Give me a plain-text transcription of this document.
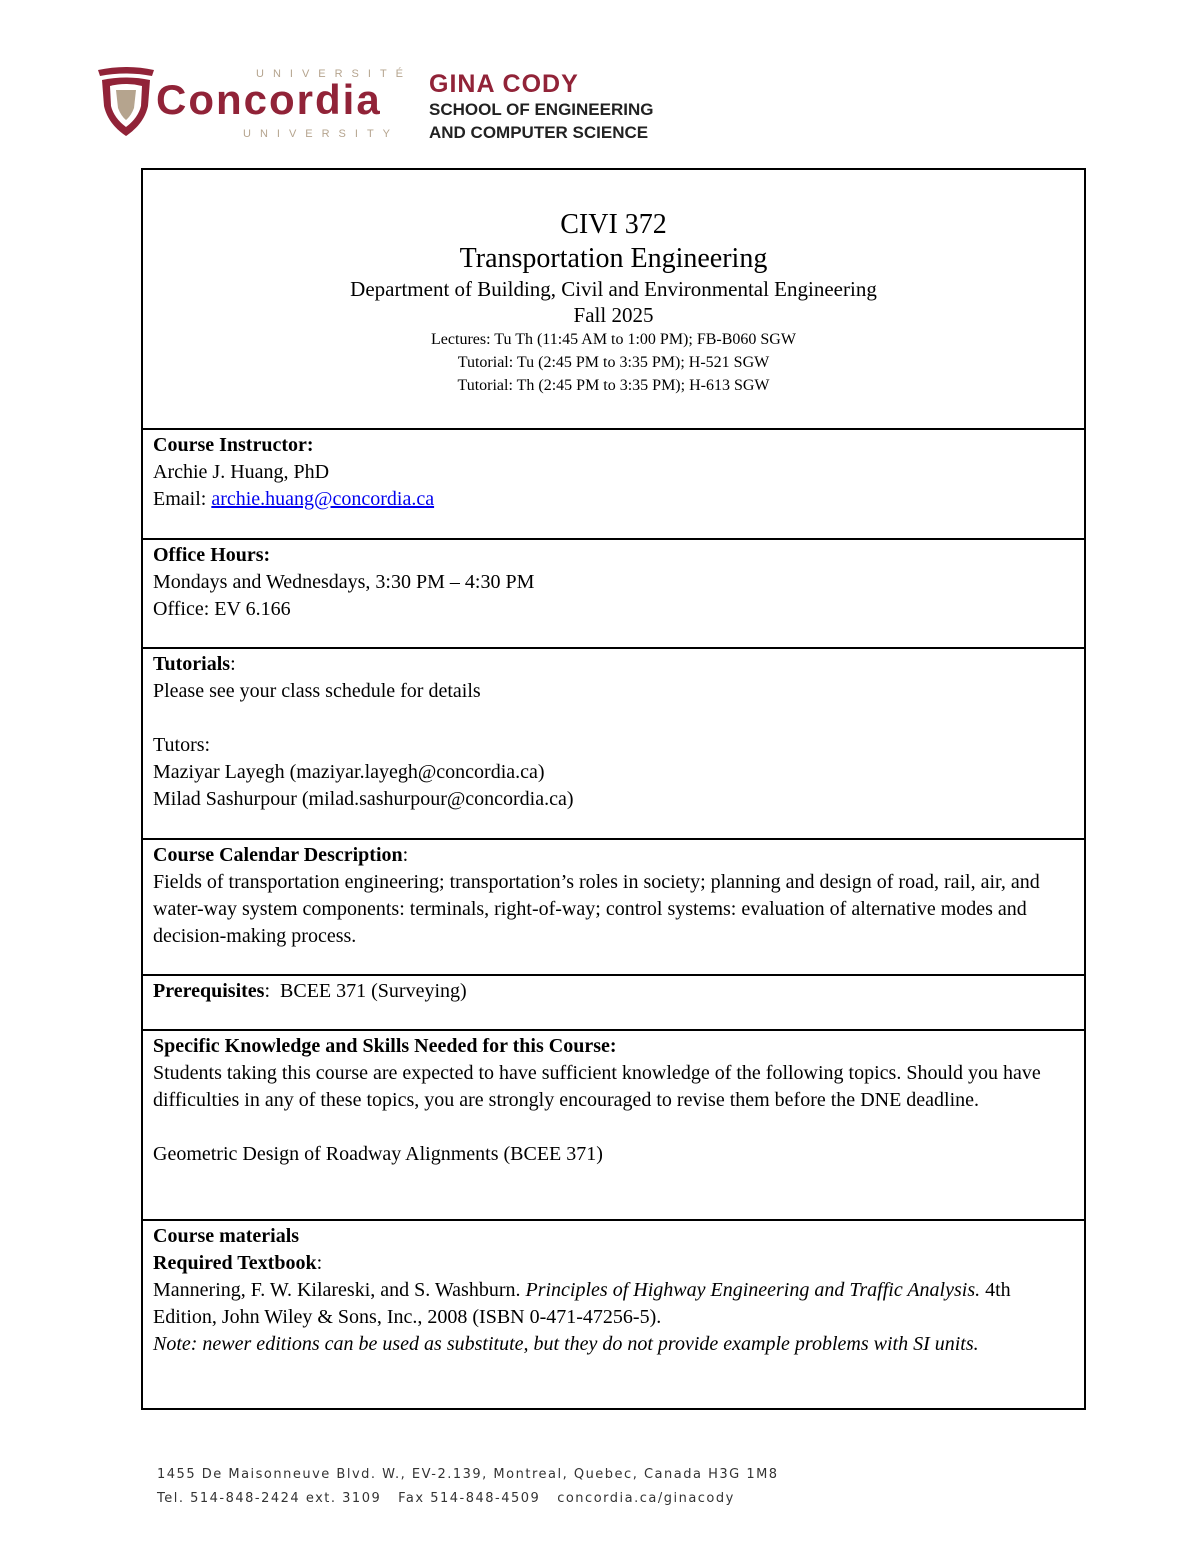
UNIVERSITÉ
Concordia
UNIVERSITY
GINA CODY
SCHOOL OF ENGINEERING
AND COMPUTER SCIENCE
CIVI 372
Transportation Engineering
Department of Building, Civil and Environmental Engineering
Fall 2025
Lectures: Tu Th (11:45 AM to 1:00 PM); FB-B060 SGW
Tutorial: Tu (2:45 PM to 3:35 PM); H-521 SGW
Tutorial: Th (2:45 PM to 3:35 PM); H-613 SGW
Course Instructor:
Archie J. Huang, PhD
Email: archie.huang@concordia.ca
Office Hours:
Mondays and Wednesdays, 3:30 PM – 4:30 PM
Office: EV 6.166
Tutorials:
Please see your class schedule for details
Tutors:
Maziyar Layegh (maziyar.layegh@concordia.ca)
Milad Sashurpour (milad.sashurpour@concordia.ca)
Course Calendar Description:
Fields of transportation engineering; transportation’s roles in society; planning and design of road, rail, air, and water-way system components: terminals, right-of-way; control systems: evaluation of alternative modes and decision-making process.
Prerequisites:  BCEE 371 (Surveying)
Specific Knowledge and Skills Needed for this Course:
Students taking this course are expected to have sufficient knowledge of the following topics. Should you have difficulties in any of these topics, you are strongly encouraged to revise them before the DNE deadline.
Geometric Design of Roadway Alignments (BCEE 371)
Course materials
Required Textbook:
Mannering, F. W. Kilareski, and S. Washburn. Principles of Highway Engineering and Traffic Analysis. 4th Edition, John Wiley & Sons, Inc., 2008 (ISBN 0-471-47256-5).
Note: newer editions can be used as substitute, but they do not provide example problems with SI units.
1455 De Maisonneuve Blvd. W., EV-2.139, Montreal, Quebec, Canada H3G 1M8
Tel. 514-848-2424 ext. 3109   Fax 514-848-4509   concordia.ca/ginacody
